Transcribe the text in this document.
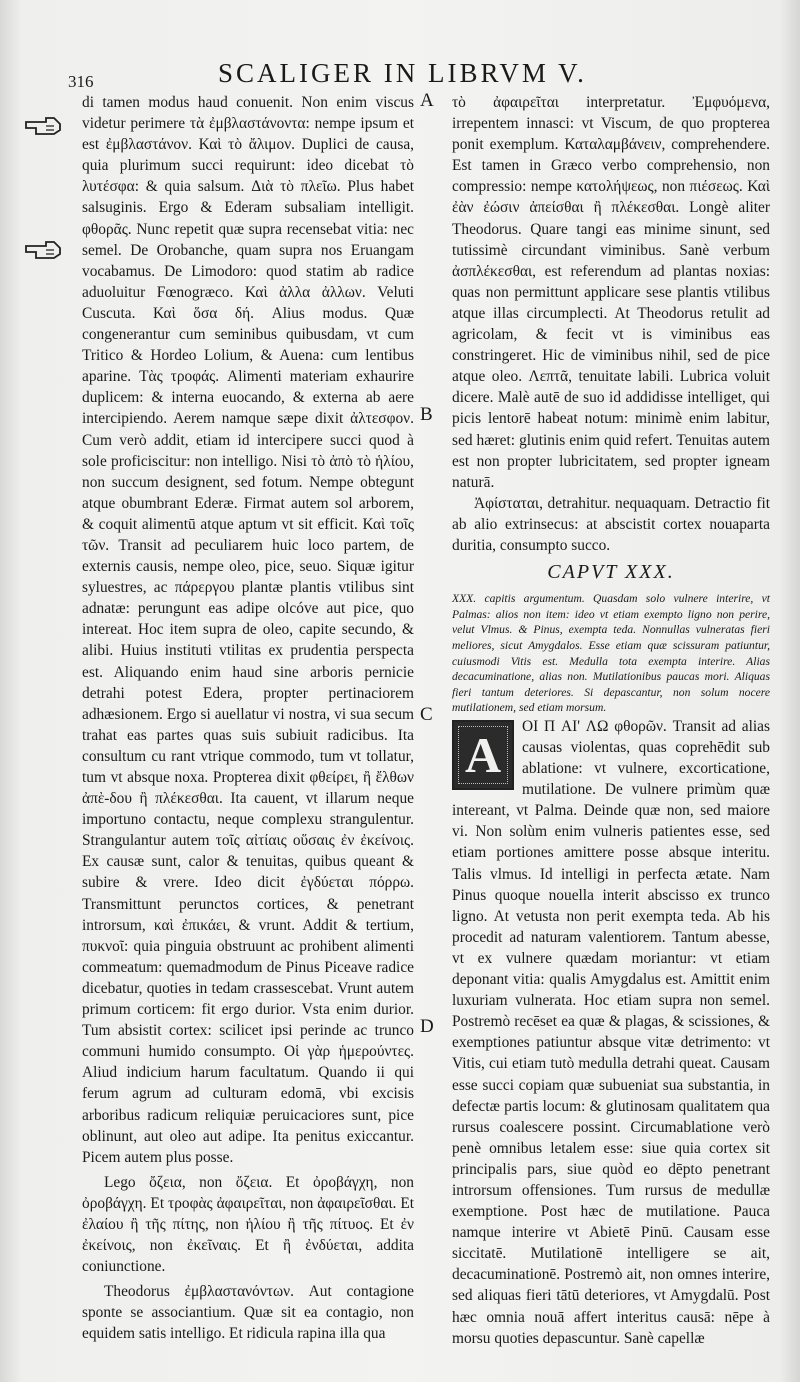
316	SCALIGER IN LIBRVM V.
A
B
C
D

di tamen modus haud conuenit. Non enim viscus videtur perimere τὰ ἐμβλαστάνοντα: nempe ipsum et est ἐμβλαστάνον. Καὶ τὸ ἄλιμον. Duplici de causa, quia plurimum succi requirunt: ideo dicebat τὸ λυτέσφα: & quia salsum. Διὰ τὸ πλεῖω. Plus habet salsuginis. Ergo & Ederam subsaliam intelligit. φθορᾶς. Nunc repetit quæ supra recensebat vitia: nec semel. De Orobanche, quam supra nos Eruangam vocabamus. De Limodoro: quod statim ab radice aduoluitur Fœnogræco. Καὶ ἀλλα ἀλλων. Veluti Cuscuta. Καὶ ὅσα δή. Alius modus. Quæ congenerantur cum seminibus quibusdam, vt cum Tritico & Hordeo Lolium, & Auena: cum lentibus aparine. Τὰς τροφάς. Alimenti materiam exhaurire duplicem: & interna euocando, & externa ab aere intercipiendo. Aerem namque sæpe dixit ἀλτεσφον. Cum verò addit, etiam id intercipere succi quod à sole proficiscitur: non intelligo. Nisi τὸ ἀπὸ τὸ ἡλίου, non succum designent, sed fotum. Nempe obtegunt atque obumbrant Ederæ. Firmat autem sol arborem, & coquit alimentū atque aptum vt sit efficit. Καὶ τοῖς τῶν. Transit ad peculiarem huic loco partem, de externis causis, nempe oleo, pice, seuo. Siquæ igitur syluestres, ac πάρεργου plantæ plantis vtilibus sint adnatæ: perungunt eas adipe olcóve aut pice, quo intereat. Hoc item supra de oleo, capite secundo, & alibi. Huius instituti vtilitas ex prudentia perspecta est. Aliquando enim haud sine arboris pernicie detrahi potest Edera, propter pertinaciorem adhæsionem. Ergo si auellatur vi nostra, vi sua secum trahat eas partes quas suis subiuit radicibus. Ita consultum cu rant vtrique commodo, tum vt tollatur, tum vt absque noxa. Propterea dixit φθείρει, ἢ ἔλθων ἀπὲ-δου ἢ πλέκεσθαι. Ita cauent, vt illarum neque importuno contactu, neque complexu strangulentur. Strangulantur autem τοῖς αἰτίαις οὕσαις ἐν ἐκείνοις. Ex causæ sunt, calor & tenuitas, quibus queant & subire & vrere. Ideo dicit ἐγδύεται πόρρω. Transmittunt perunctos cortices, & penetrant introrsum, καὶ ἐπικάει, & vrunt. Addit & tertium, πυκνοῖ: quia pinguia obstruunt ac prohibent alimenti commeatum: quemadmodum de Pinus Piceave radice dicebatur, quoties in tedam crassescebat. Vrunt autem primum corticem: fit ergo durior. Vsta enim durior. Tum absistit cortex: scilicet ipsi perinde ac trunco communi humido consumpto. Οἱ γὰρ ἡμερούντες. Aliud indicium harum facultatum. Quando ii qui ferum agrum ad culturam edomā, vbi excisis arboribus radicum reliquiæ peruicaciores sunt, pice oblinunt, aut oleo aut adipe. Ita penitus exiccantur. Picem autem plus posse.

Lego ὄζεια, non ὄζεια. Et ὀροβάγχη, non ὀροβάγχη. Et τροφὰς ἀφαιρεῖται, non ἀφαιρεῖσθαι. Et ἐλαίου ἢ τῆς πίτης, non ἡλίου ἢ τῆς πίτυος. Et ἐν ἐκείνοις, non ἐκεῖναις. Et ἢ ἐνδύεται, addita coniunctione.

Theodorus ἐμβλαστανόντων. Aut contagione sponte se associantium. Quæ sit ea contagio, non equidem satis intelligo. Et ridicula rapina illa qua

τὸ ἀφαιρεῖται interpretatur. Ἐμφυόμενα, irrepentem innasci: vt Viscum, de quo propterea ponit exemplum. Καταλαμβάνειν, comprehendere. Est tamen in Græco verbo comprehensio, non compressio: nempe κατολήψεως, non πιέσεως. Καὶ ἐὰν ἐώσιν ἀπείσθαι ἢ πλέκεσθαι. Longè aliter Theodorus. Quare tangi eas minime sinunt, sed tutissimè circundant viminibus. Sanè verbum ἀσπλέκεσθαι, est referendum ad plantas noxias: quas non permittunt applicare sese plantis vtilibus atque illas circumplecti. At Theodorus retulit ad agricolam, & fecit vt is viminibus eas constringeret. Hic de viminibus nihil, sed de pice atque oleo. Λεπτᾶ, tenuitate labili. Lubrica voluit dicere. Malè autē de suo id addidisse intelliget, qui picis lentorē habeat notum: minimè enim labitur, sed hæret: glutinis enim quid refert. Tenuitas autem est non propter lubricitatem, sed propter igneam naturā.

Ἀφίσταται, detrahitur. nequaquam. Detractio fit ab alio extrinsecus: at abscistit cortex nouaparta duritia, consumpto succo.

CAPVT XXX.

XXX. capitis argumentum. Quasdam solo vulnere interire, vt Palmas: alios non item: ideo vt etiam exempto ligno non perire, velut Vlmus. & Pinus, exempta teda. Nonnullas vulneratas fieri meliores, sicut Amygdalos. Esse etiam quæ scissuram patiuntur, cuiusmodi Vitis est. Medulla tota exempta interire. Alias decacuminatione, alias non. Mutilationibus paucas mori. Aliquas fieri tantum deteriores. Si depascantur, non solum nocere mutilationem, sed etiam morsum.

A

OI Π AI' ΛΩ φθορῶν. Transit ad alias causas violentas, quas coprehēdit sub ablatione: vt vulnere, excorticatione, mutilatione. De vulnere primùm quæ intereant, vt Palma. Deinde quæ non, sed maiore vi. Non solùm enim vulneris patientes esse, sed etiam portiones amittere posse absque interitu. Talis vlmus. Id intelligi in perfecta ætate. Nam Pinus quoque nouella interit abscisso ex trunco ligno. At vetusta non perit exempta teda. Ab his procedit ad naturam valentiorem. Tantum abesse, vt ex vulnere quædam moriantur: vt etiam deponant vitia: qualis Amygdalus est. Amittit enim luxuriam vulnerata. Hoc etiam supra non semel. Postremò recēset ea quæ & plagas, & scissiones, & exemptiones patiuntur absque vitæ detrimento: vt Vitis, cui etiam tutò medulla detrahi queat. Causam esse succi copiam quæ subueniat sua substantia, in defectæ partis locum: & glutinosam qualitatem qua rursus coalescere possint. Circumablatione verò penè omnibus letalem esse: siue quia cortex sit principalis pars, siue quòd eo dēpto penetrant introrsum offensiones. Tum rursus de medullæ exemptione. Post hæc de mutilatione. Pauca namque interire vt Abietē Pinū. Causam esse siccitatē. Mutilationē intelligere se ait, decacuminationē. Postremò ait, non omnes interire, sed aliquas fieri tātū deteriores, vt Amygdalū. Post hæc omnia nouā affert interitus causā: nēpe à morsu quoties depascuntur. Sanè capellæ
